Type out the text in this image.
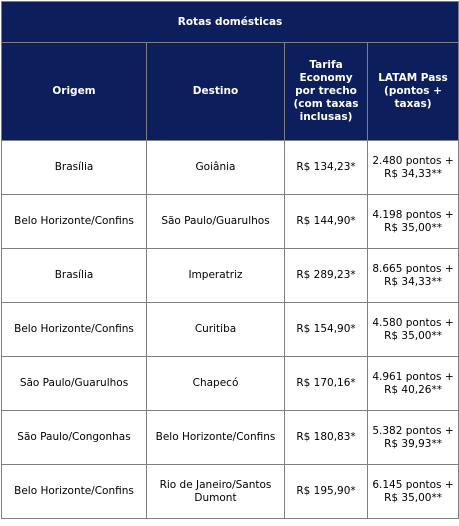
Rotas domésticas			
Origem	Destino	Tarifa Economy por trecho (com taxas inclusas)	LATAM Pass (pontos + taxas)
Brasília	Goiânia	R$ 134,23*	2.480 pontos + R$ 34,33**
Belo Horizonte/Confins	São Paulo/Guarulhos	R$ 144,90*	4.198 pontos + R$ 35,00**
Brasília	Imperatriz	R$ 289,23*	8.665 pontos + R$ 34,33**
Belo Horizonte/Confins	Curitiba	R$ 154,90*	4.580 pontos + R$ 35,00**
São Paulo/Guarulhos	Chapecó	R$ 170,16*	4.961 pontos + R$ 40,26**
São Paulo/Congonhas	Belo Horizonte/Confins	R$ 180,83*	5.382 pontos + R$ 39,93**
Belo Horizonte/Confins	Rio de Janeiro/Santos Dumont	R$ 195,90*	6.145 pontos + R$ 35,00**
